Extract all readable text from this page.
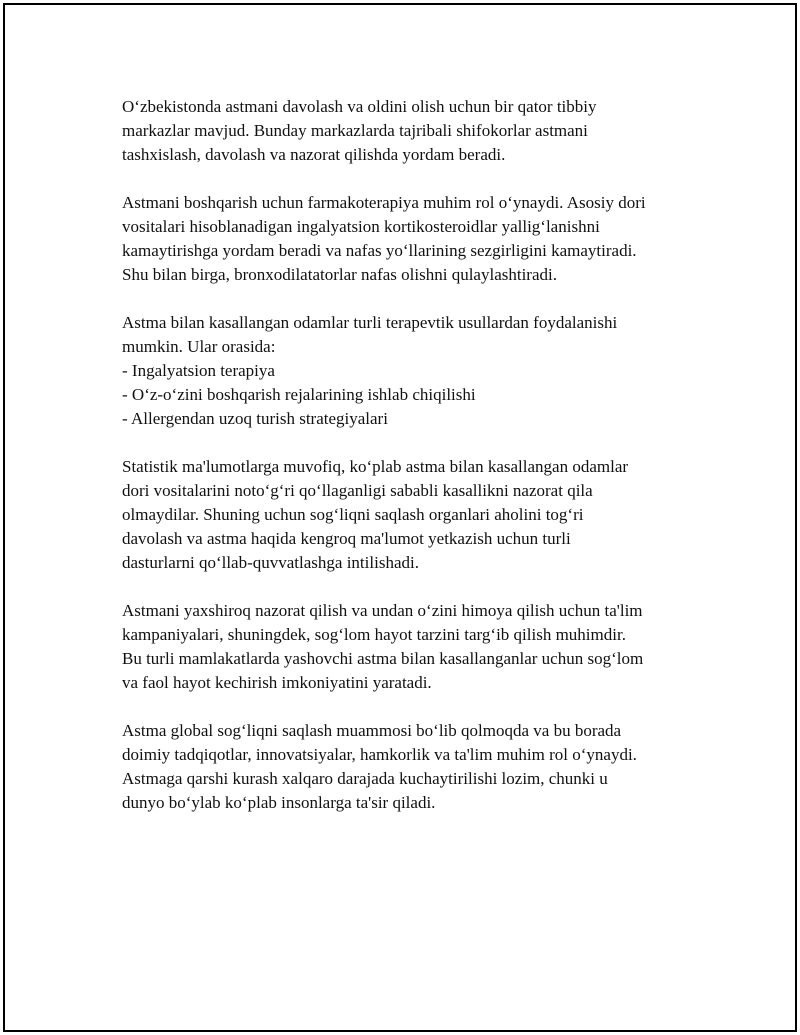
O‘zbekistonda astmani davolash va oldini olish uchun bir qator tibbiy
markazlar mavjud. Bunday markazlarda tajribali shifokorlar astmani
tashxislash, davolash va nazorat qilishda yordam beradi.
Astmani boshqarish uchun farmakoterapiya muhim rol o‘ynaydi. Asosiy dori
vositalari hisoblanadigan ingalyatsion kortikosteroidlar yallig‘lanishni
kamaytirishga yordam beradi va nafas yo‘llarining sezgirligini kamaytiradi.
Shu bilan birga, bronxodilatatorlar nafas olishni qulaylashtiradi.
Astma bilan kasallangan odamlar turli terapevtik usullardan foydalanishi
mumkin. Ular orasida:
- Ingalyatsion terapiya
- O‘z-o‘zini boshqarish rejalarining ishlab chiqilishi
- Allergendan uzoq turish strategiyalari
Statistik ma'lumotlarga muvofiq, ko‘plab astma bilan kasallangan odamlar
dori vositalarini noto‘g‘ri qo‘llaganligi sababli kasallikni nazorat qila
olmaydilar. Shuning uchun sog‘liqni saqlash organlari aholini tog‘ri
davolash va astma haqida kengroq ma'lumot yetkazish uchun turli
dasturlarni qo‘llab-quvvatlashga intilishadi.
Astmani yaxshiroq nazorat qilish va undan o‘zini himoya qilish uchun ta'lim
kampaniyalari, shuningdek, sog‘lom hayot tarzini targ‘ib qilish muhimdir.
Bu turli mamlakatlarda yashovchi astma bilan kasallanganlar uchun sog‘lom
va faol hayot kechirish imkoniyatini yaratadi.
Astma global sog‘liqni saqlash muammosi bo‘lib qolmoqda va bu borada
doimiy tadqiqotlar, innovatsiyalar, hamkorlik va ta'lim muhim rol o‘ynaydi.
Astmaga qarshi kurash xalqaro darajada kuchaytirilishi lozim, chunki u
dunyo bo‘ylab ko‘plab insonlarga ta'sir qiladi.
